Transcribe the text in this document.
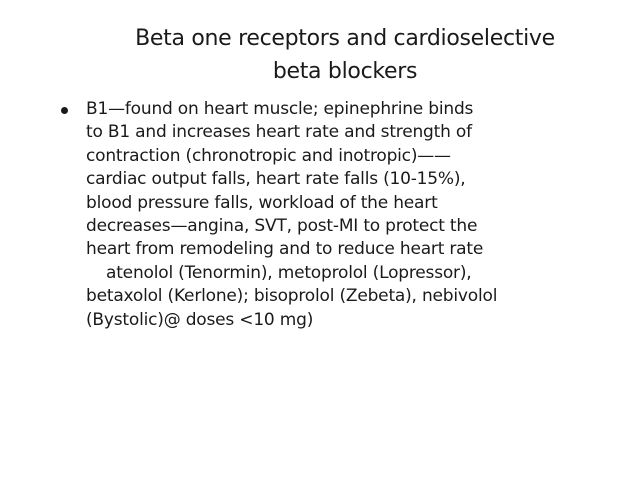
Beta one receptors and cardioselective
beta blockers
B1—found on heart muscle; epinephrine binds
to B1 and increases heart rate and strength of
contraction (chronotropic and inotropic)——
cardiac output falls, heart rate falls (10-15%),
blood pressure falls, workload of the heart
decreases—angina, SVT, post-MI to protect the
heart from remodeling and to reduce heart rate
atenolol (Tenormin), metoprolol (Lopressor),
betaxolol (Kerlone); bisoprolol (Zebeta), nebivolol
(Bystolic)@ doses <10 mg)
